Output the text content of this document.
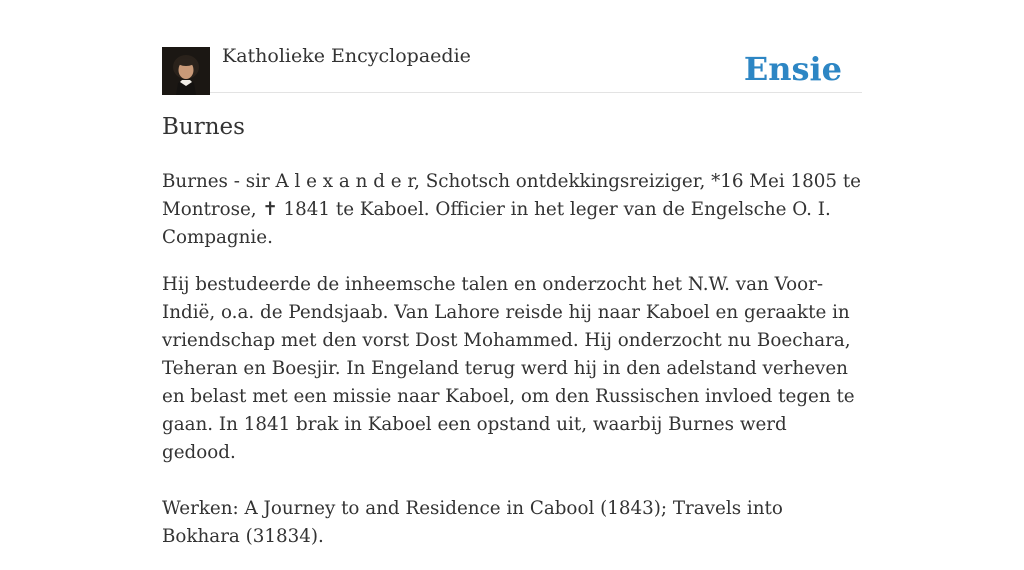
Katholieke Encyclopaedie	Ensie
Burnes

Burnes - sir A l e x a n d e r, Schotsch ontdekkingsreiziger, *16 Mei 1805 te Montrose, ✝ 1841 te Kaboel. Officier in het leger van de Engelsche O. I. Compagnie.

Hij bestudeerde de inheemsche talen en onderzocht het N.W. van Voor-Indië, o.a. de Pendsjaab. Van Lahore reisde hij naar Kaboel en geraakte in vriendschap met den vorst Dost Mohammed. Hij onderzocht nu Boechara, Teheran en Boesjir. In Engeland terug werd hij in den adelstand verheven en belast met een missie naar Kaboel, om den Russischen invloed tegen te gaan. In 1841 brak in Kaboel een opstand uit, waarbij Burnes werd gedood.

Werken: A Journey to and Residence in Cabool (1843); Travels into Bokhara (31834).
